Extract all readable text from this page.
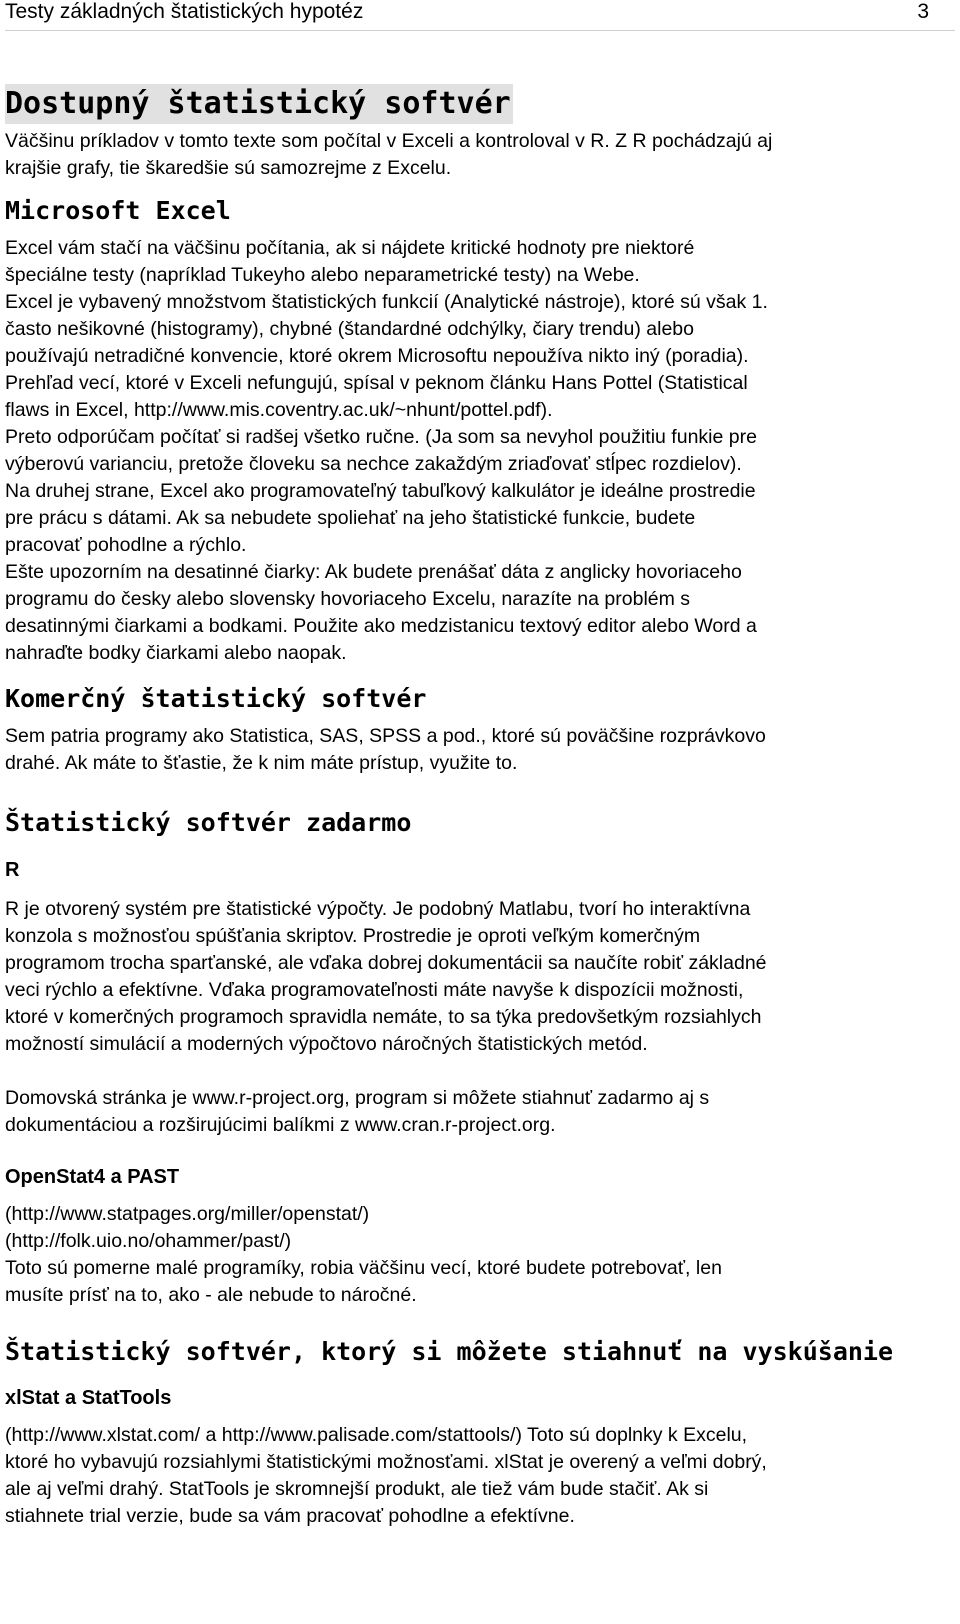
Testy základných štatistických hypotéz	3
Dostupný štatistický softvér
Väčšinu príkladov v tomto texte som počítal v Exceli a kontroloval v R. Z R pochádzajú aj
krajšie grafy, tie škaredšie sú samozrejme z Excelu.
Microsoft Excel
Excel vám stačí na väčšinu počítania, ak si nájdete kritické hodnoty pre niektoré
špeciálne testy (napríklad Tukeyho alebo neparametrické testy) na Webe.
Excel je vybavený množstvom štatistických funkcií (Analytické nástroje), ktoré sú však 1.
často nešikovné (histogramy), chybné (štandardné odchýlky, čiary trendu) alebo
používajú netradičné konvencie, ktoré okrem Microsoftu nepoužíva nikto iný (poradia).
Prehľad vecí, ktoré v Exceli nefungujú, spísal v peknom článku Hans Pottel (Statistical
flaws in Excel, http://www.mis.coventry.ac.uk/~nhunt/pottel.pdf).
Preto odporúčam počítať si radšej všetko ručne. (Ja som sa nevyhol použitiu funkie pre
výberovú varianciu, pretože človeku sa nechce zakaždým zriaďovať stĺpec rozdielov).
Na druhej strane, Excel ako programovateľný tabuľkový kalkulátor je ideálne prostredie
pre prácu s dátami. Ak sa nebudete spoliehať na jeho štatistické funkcie, budete
pracovať pohodlne a rýchlo.
Ešte upozorním na desatinné čiarky: Ak budete prenášať dáta z anglicky hovoriaceho
programu do česky alebo slovensky hovoriaceho Excelu, narazíte na problém s
desatinnými čiarkami a bodkami. Použite ako medzistanicu textový editor alebo Word a
nahraďte bodky čiarkami alebo naopak.
Komerčný štatistický softvér
Sem patria programy ako Statistica, SAS, SPSS a pod., ktoré sú poväčšine rozprávkovo
drahé. Ak máte to šťastie, že k nim máte prístup, využite to.
Štatistický softvér zadarmo
R
R je otvorený systém pre štatistické výpočty. Je podobný Matlabu, tvorí ho interaktívna
konzola s možnosťou spúšťania skriptov. Prostredie je oproti veľkým komerčným
programom trocha sparťanské, ale vďaka dobrej dokumentácii sa naučíte robiť základné
veci rýchlo a efektívne. Vďaka programovateľnosti máte navyše k dispozícii možnosti,
ktoré v komerčných programoch spravidla nemáte, to sa týka predovšetkým rozsiahlych
možností simulácií a moderných výpočtovo náročných štatistických metód.
Domovská stránka je www.r-project.org, program si môžete stiahnuť zadarmo aj s
dokumentáciou a rozširujúcimi balíkmi z www.cran.r-project.org.
OpenStat4 a PAST
(http://www.statpages.org/miller/openstat/)
(http://folk.uio.no/ohammer/past/)
Toto sú pomerne malé programíky, robia väčšinu vecí, ktoré budete potrebovať, len
musíte prísť na to, ako - ale nebude to náročné.
Štatistický softvér, ktorý si môžete stiahnuť na vyskúšanie
xlStat a StatTools
(http://www.xlstat.com/ a http://www.palisade.com/stattools/) Toto sú doplnky k Excelu,
ktoré ho vybavujú rozsiahlymi štatistickými možnosťami. xlStat je overený a veľmi dobrý,
ale aj veľmi drahý. StatTools je skromnejší produkt, ale tiež vám bude stačiť. Ak si
stiahnete trial verzie, bude sa vám pracovať pohodlne a efektívne.
